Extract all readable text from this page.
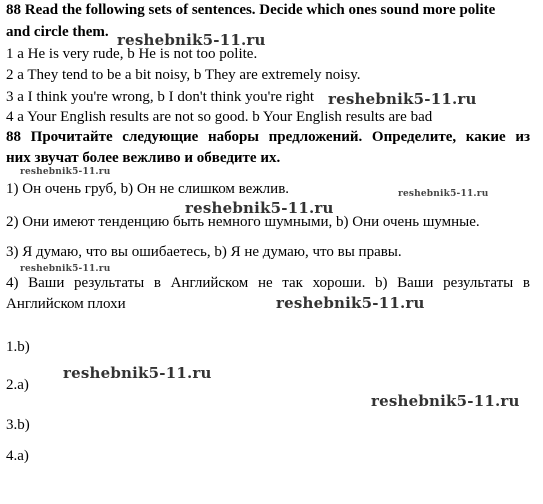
88 Read the following sets of sentences. Decide which ones sound more polite
and circle them.
1 a He is very rude, b He is not too polite.
2 a They tend to be a bit noisy, b They are extremely noisy.
3 a I think you're wrong, b I don't think you're right
4 a Your English results are not so good. b Your English results are bad
88 Прочитайте следующие наборы предложений. Определите, какие из
них звучат более вежливо и обведите их.
1) Он очень груб, b) Он не слишком вежлив.
2) Они имеют тенденцию быть немного шумными, b) Они очень шумные.
3) Я думаю, что вы ошибаетесь, b) Я не думаю, что вы правы.
4) Ваши результаты в Английском не так хороши. b) Ваши результаты в
Английском плохи
1.b)
2.a)
3.b)
4.a)
reshebnik5-11.ru
reshebnik5-11.ru
reshebnik5-11.ru
reshebnik5-11.ru
reshebnik5-11.ru
reshebnik5-11.ru
reshebnik5-11.ru
reshebnik5-11.ru
reshebnik5-11.ru
